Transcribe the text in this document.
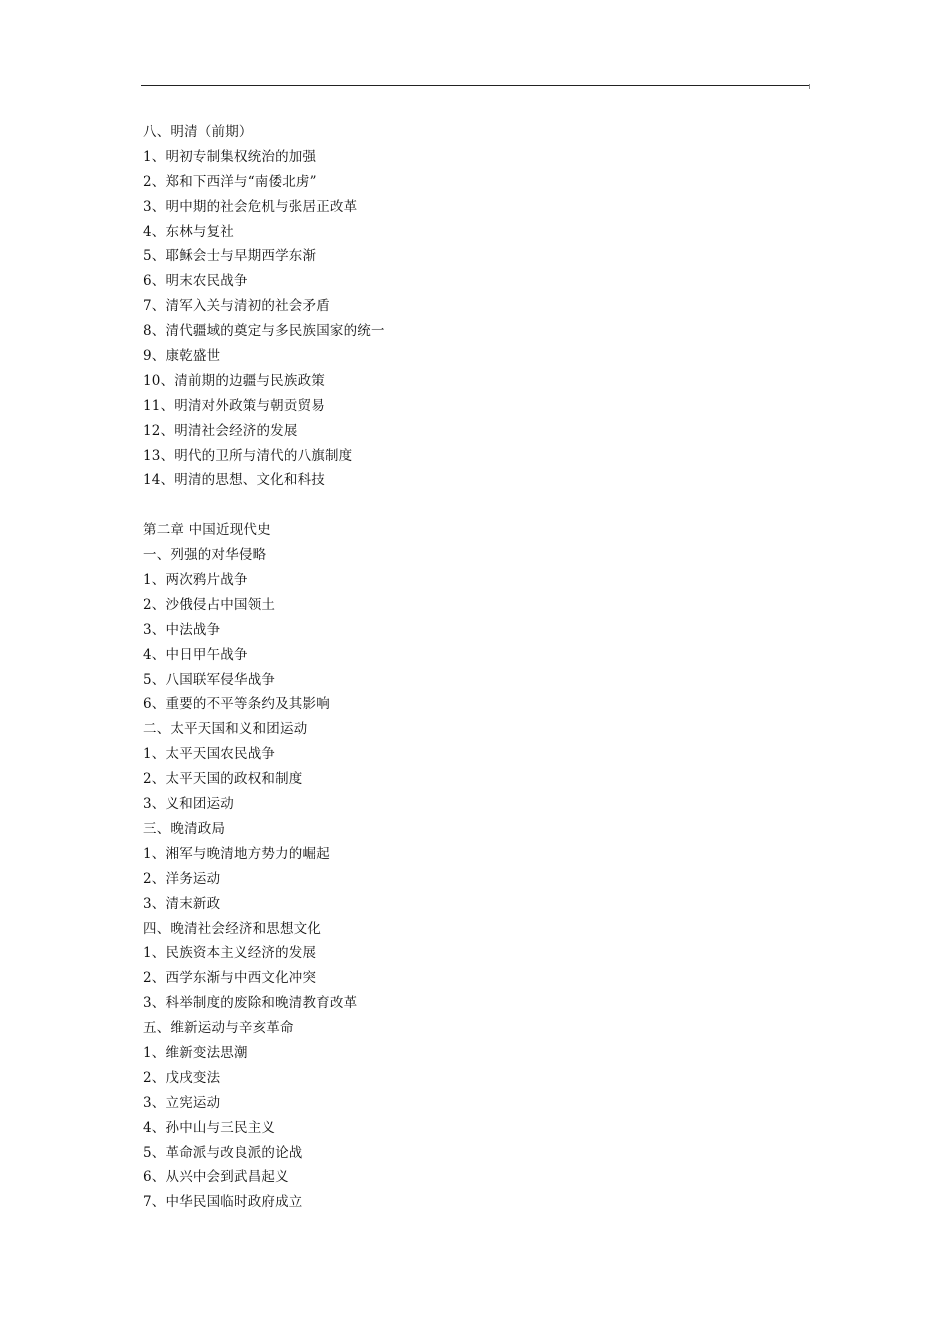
八、明清（前期）
1、明初专制集权统治的加强
2、郑和下西洋与“南倭北虏”
3、明中期的社会危机与张居正改革
4、东林与复社
5、耶稣会士与早期西学东渐
6、明末农民战争
7、清军入关与清初的社会矛盾
8、清代疆域的奠定与多民族国家的统一
9、康乾盛世
10、清前期的边疆与民族政策
11、明清对外政策与朝贡贸易
12、明清社会经济的发展
13、明代的卫所与清代的八旗制度
14、明清的思想、文化和科技
第二章 中国近现代史
一、列强的对华侵略
1、两次鸦片战争
2、沙俄侵占中国领土
3、中法战争
4、中日甲午战争
5、八国联军侵华战争
6、重要的不平等条约及其影响
二、太平天国和义和团运动
1、太平天国农民战争
2、太平天国的政权和制度
3、义和团运动
三、晚清政局
1、湘军与晚清地方势力的崛起
2、洋务运动
3、清末新政
四、晚清社会经济和思想文化
1、民族资本主义经济的发展
2、西学东渐与中西文化冲突
3、科举制度的废除和晚清教育改革
五、维新运动与辛亥革命
1、维新变法思潮
2、戊戌变法
3、立宪运动
4、孙中山与三民主义
5、革命派与改良派的论战
6、从兴中会到武昌起义
7、中华民国临时政府成立
